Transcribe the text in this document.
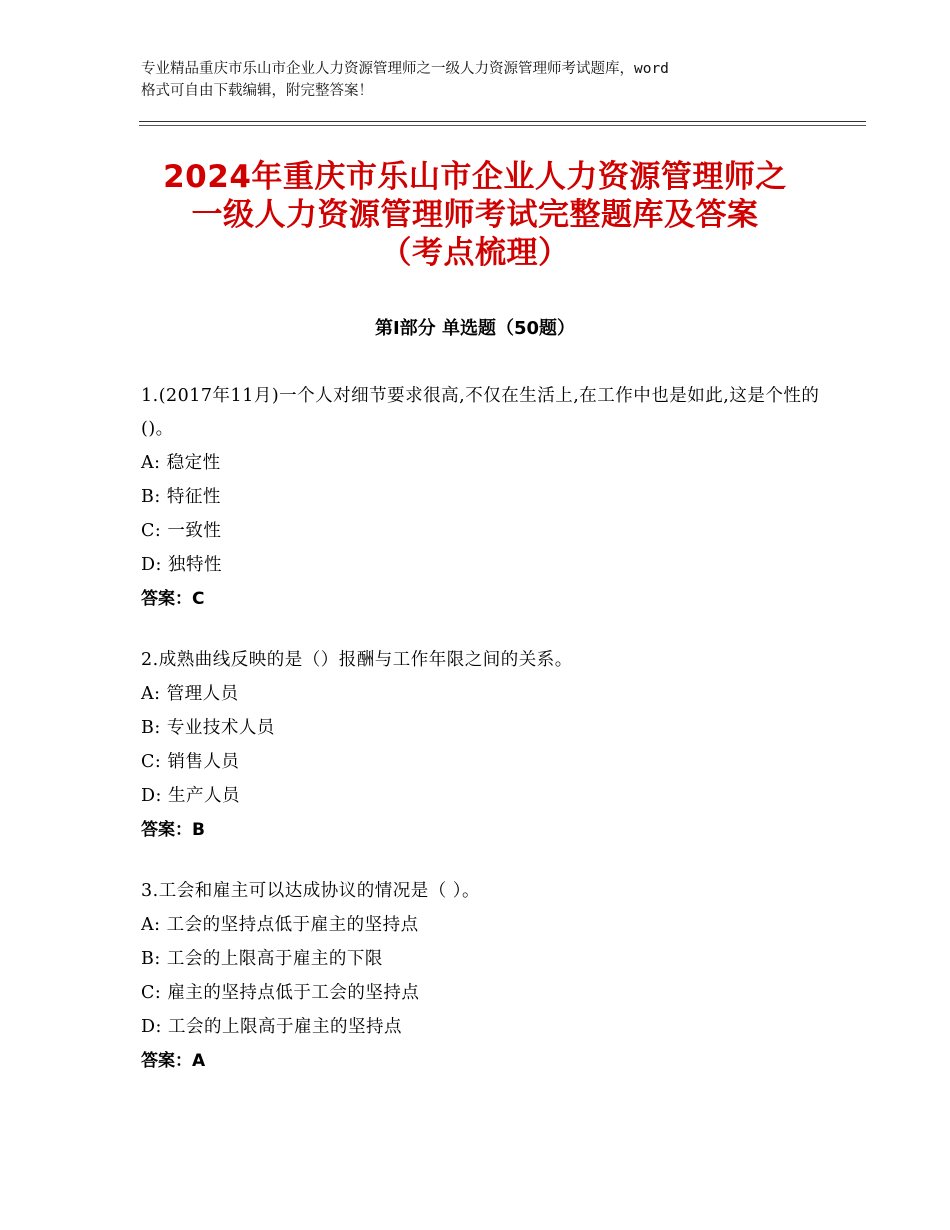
专业精品重庆市乐山市企业人力资源管理师之一级人力资源管理师考试题库，word
格式可自由下载编辑，附完整答案！
2024年重庆市乐山市企业人力资源管理师之
一级人力资源管理师考试完整题库及答案
（考点梳理）
第Ⅰ部分 单选题（50题）
1.(2017年11月)一个人对细节要求很高,不仅在生活上,在工作中也是如此,这是个性的()。
A: 稳定性
B: 特征性
C: 一致性
D: 独特性
答案：C
2.成熟曲线反映的是（）报酬与工作年限之间的关系。
A: 管理人员
B: 专业技术人员
C: 销售人员
D: 生产人员
答案：B
3.工会和雇主可以达成协议的情况是（ ）。
A: 工会的坚持点低于雇主的坚持点
B: 工会的上限高于雇主的下限
C: 雇主的坚持点低于工会的坚持点
D: 工会的上限高于雇主的坚持点
答案：A
